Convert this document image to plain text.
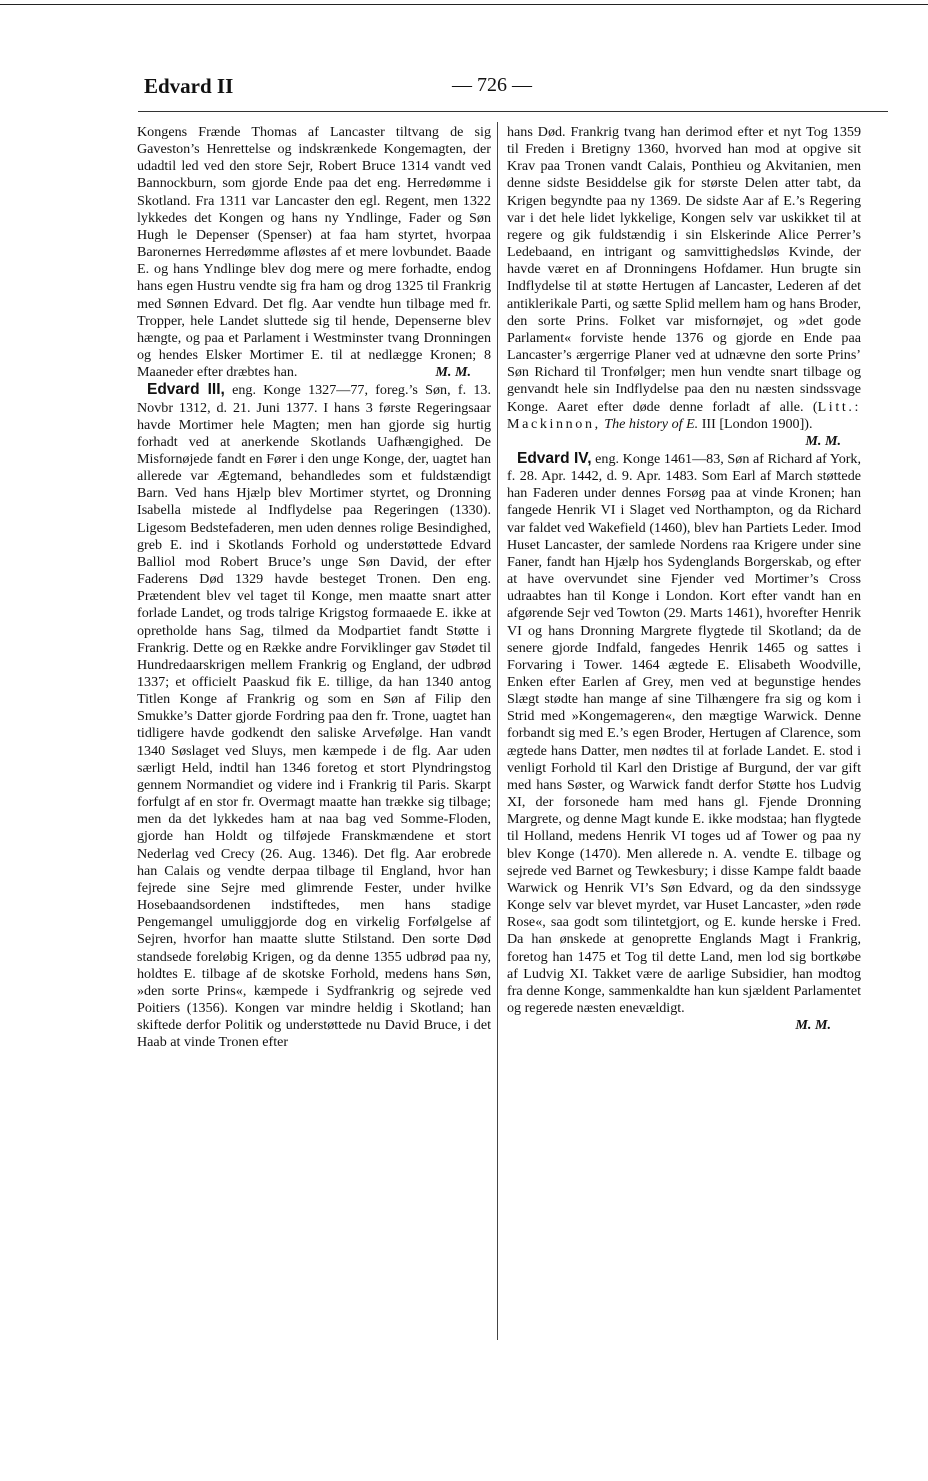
Edvard II	— 726 —

Kongens Frænde Thomas af Lancaster tiltvang de sig Gaveston’s Henrettelse og indskrænkede Kongemagten, der udadtil led ved den store Sejr, Robert Bruce 1314 vandt ved Bannockburn, som gjorde Ende paa det eng. Herredømme i Skotland. Fra 1311 var Lancaster den egl. Regent, men 1322 lykkedes det Kongen og hans ny Yndlinge, Fader og Søn Hugh le Depenser (Spenser) at faa ham styrtet, hvorpaa Baronernes Herredømme afløstes af et mere lovbundet. Baade E. og hans Yndlinge blev dog mere og mere forhadte, endog hans egen Hustru vendte sig fra ham og drog 1325 til Frankrig med Sønnen Edvard. Det flg. Aar vendte hun tilbage med fr. Tropper, hele Landet sluttede sig til hende, Depenserne blev hængte, og paa et Parlament i Westminster tvang Dronningen og hendes Elsker Mortimer E. til at nedlægge Kronen; 8 Maaneder efter dræbtes han.	M. M.

Edvard III, eng. Konge 1327—77, foreg.’s Søn, f. 13. Novbr 1312, d. 21. Juni 1377. I hans 3 første Regeringsaar havde Mortimer hele Magten; men han gjorde sig hurtig forhadt ved at anerkende Skotlands Uafhængighed. De Misfornøjede fandt en Fører i den unge Konge, der, uagtet han allerede var Ægtemand, behandledes som et fuldstændigt Barn. Ved hans Hjælp blev Mortimer styrtet, og Dronning Isabella mistede al Indflydelse paa Regeringen (1330). Ligesom Bedstefaderen, men uden dennes rolige Besindighed, greb E. ind i Skotlands Forhold og understøttede Edvard Balliol mod Robert Bruce’s unge Søn David, der efter Faderens Død 1329 havde besteget Tronen. Den eng. Prætendent blev vel taget til Konge, men maatte snart atter forlade Landet, og trods talrige Krigstog formaaede E. ikke at opretholde hans Sag, tilmed da Modpartiet fandt Støtte i Frankrig. Dette og en Række andre Forviklinger gav Stødet til Hundredaarskrigen mellem Frankrig og England, der udbrød 1337; et officielt Paaskud fik E. tillige, da han 1340 antog Titlen Konge af Frankrig og som en Søn af Filip den Smukke’s Datter gjorde Fordring paa den fr. Trone, uagtet han tidligere havde godkendt den saliske Arvefølge. Han vandt 1340 Søslaget ved Sluys, men kæmpede i de flg. Aar uden særligt Held, indtil han 1346 foretog et stort Plyndringstog gennem Normandiet og videre ind i Frankrig til Paris. Skarpt forfulgt af en stor fr. Overmagt maatte han trække sig tilbage; men da det lykkedes ham at naa bag ved Somme-Floden, gjorde han Holdt og tilføjede Franskmændene et stort Nederlag ved Crecy (26. Aug. 1346). Det flg. Aar erobrede han Calais og vendte derpaa tilbage til England, hvor han fejrede sine Sejre med glimrende Fester, under hvilke Hosebaandsordenen indstiftedes, men hans stadige Pengemangel umuliggjorde dog en virkelig Forfølgelse af Sejren, hvorfor han maatte slutte Stilstand. Den sorte Død standsede foreløbig Krigen, og da denne 1355 udbrød paa ny, holdtes E. tilbage af de skotske Forhold, medens hans Søn, »den sorte Prins«, kæmpede i Sydfrankrig og sejrede ved Poitiers (1356). Kongen var mindre heldig i Skotland; han skiftede derfor Politik og understøttede nu David Bruce, i det Haab at vinde Tronen efter

hans Død. Frankrig tvang han derimod efter et nyt Tog 1359 til Freden i Bretigny 1360, hvorved han mod at opgive sit Krav paa Tronen vandt Calais, Ponthieu og Akvitanien, men denne sidste Besiddelse gik for største Delen atter tabt, da Krigen begyndte paa ny 1369. De sidste Aar af E.’s Regering var i det hele lidet lykkelige, Kongen selv var uskikket til at regere og gik fuldstændig i sin Elskerinde Alice Perrer’s Ledebaand, en intrigant og samvittighedsløs Kvinde, der havde været en af Dronningens Hofdamer. Hun brugte sin Indflydelse til at støtte Hertugen af Lancaster, Lederen af det antiklerikale Parti, og sætte Splid mellem ham og hans Broder, den sorte Prins. Folket var misfornøjet, og »det gode Parlament« forviste hende 1376 og gjorde en Ende paa Lancaster’s ærgerrige Planer ved at udnævne den sorte Prins’ Søn Richard til Tronfølger; men hun vendte snart tilbage og genvandt hele sin Indflydelse paa den nu næsten sindssvage Konge. Aaret efter døde denne forladt af alle. (Litt.: Mackinnon, The history of E. III [London 1900]).
M. M.

Edvard IV, eng. Konge 1461—83, Søn af Richard af York, f. 28. Apr. 1442, d. 9. Apr. 1483. Som Earl af March støttede han Faderen under dennes Forsøg paa at vinde Kronen; han fangede Henrik VI i Slaget ved Northampton, og da Richard var faldet ved Wakefield (1460), blev han Partiets Leder. Imod Huset Lancaster, der samlede Nordens raa Krigere under sine Faner, fandt han Hjælp hos Sydenglands Borgerskab, og efter at have overvundet sine Fjender ved Mortimer’s Cross udraabtes han til Konge i London. Kort efter vandt han en afgørende Sejr ved Towton (29. Marts 1461), hvorefter Henrik VI og hans Dronning Margrete flygtede til Skotland; da de senere gjorde Indfald, fangedes Henrik 1465 og sattes i Forvaring i Tower. 1464 ægtede E. Elisabeth Woodville, Enken efter Earlen af Grey, men ved at begunstige hendes Slægt stødte han mange af sine Tilhængere fra sig og kom i Strid med »Kongemageren«, den mægtige Warwick. Denne forbandt sig med E.’s egen Broder, Hertugen af Clarence, som ægtede hans Datter, men nødtes til at forlade Landet. E. stod i venligt Forhold til Karl den Dristige af Burgund, der var gift med hans Søster, og Warwick fandt derfor Støtte hos Ludvig XI, der forsonede ham med hans gl. Fjende Dronning Margrete, og denne Magt kunde E. ikke modstaa; han flygtede til Holland, medens Henrik VI toges ud af Tower og paa ny blev Konge (1470). Men allerede n. A. vendte E. tilbage og sejrede ved Barnet og Tewkesbury; i disse Kampe faldt baade Warwick og Henrik VI’s Søn Edvard, og da den sindssyge Konge selv var blevet myrdet, var Huset Lancaster, »den røde Rose«, saa godt som tilintetgjort, og E. kunde herske i Fred. Da han ønskede at genoprette Englands Magt i Frankrig, foretog han 1475 et Tog til dette Land, men lod sig bortkøbe af Ludvig XI. Takket være de aarlige Subsidier, han modtog fra denne Konge, sammenkaldte han kun sjældent Parlamentet og regerede næsten enevældigt.

M. M.
